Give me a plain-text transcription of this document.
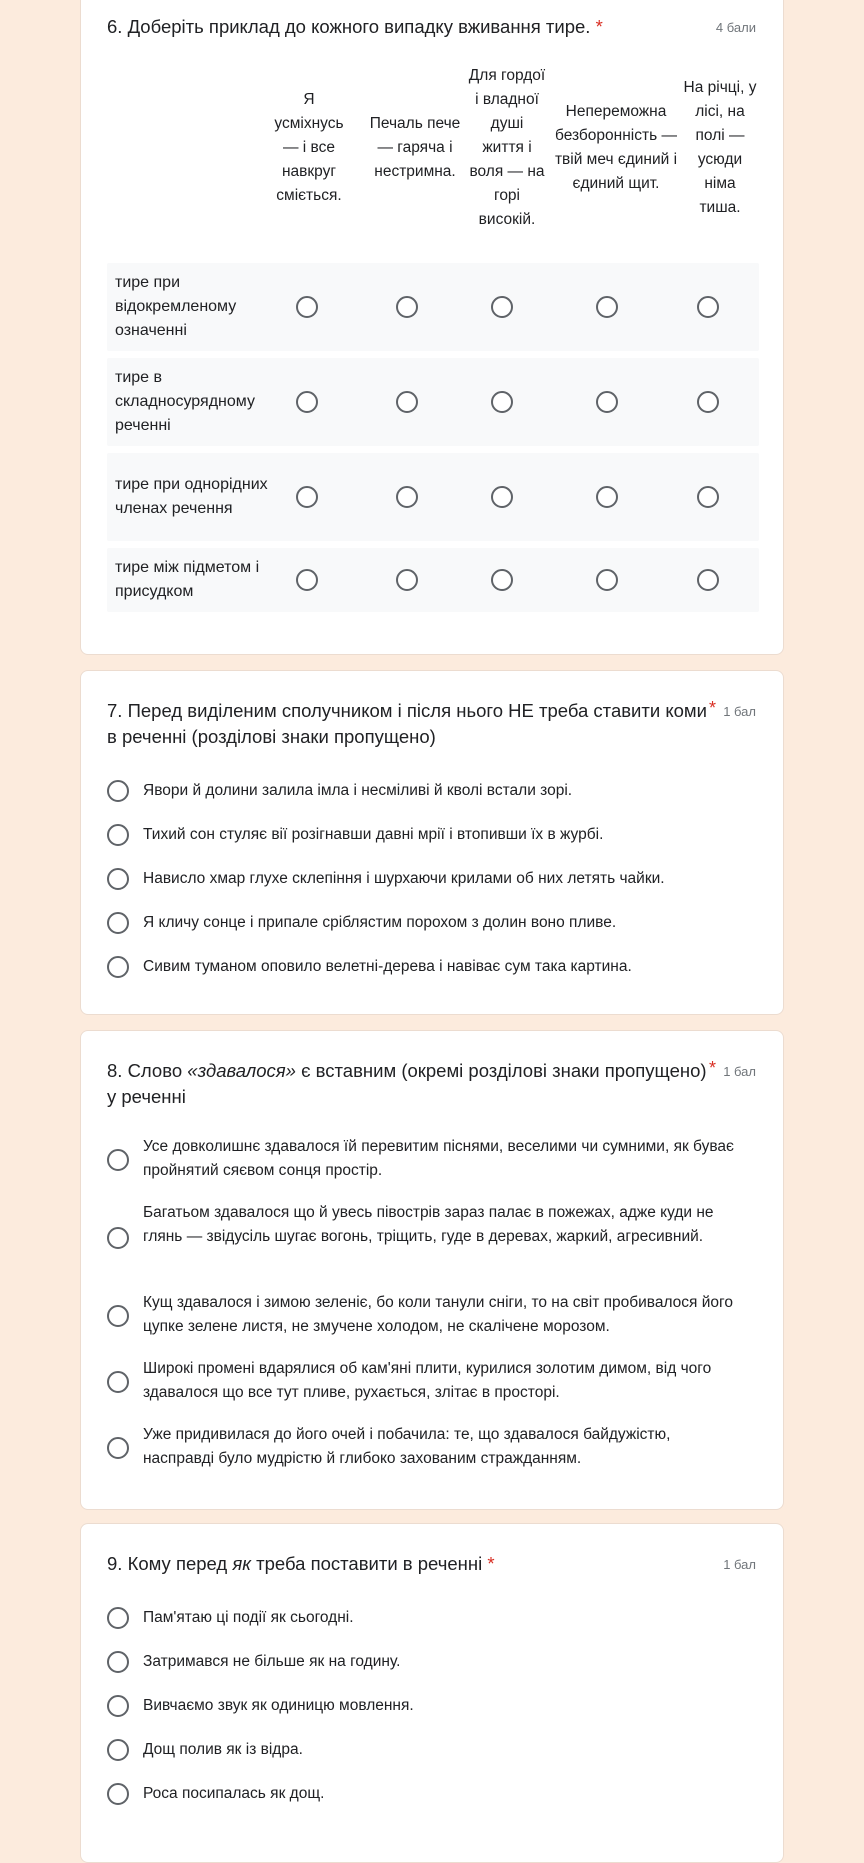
6. Доберіть приклад до кожного випадку вживання тире. *	4 бали
Я усміхнусь — і все навкруг сміється.
Печаль пече — гаряча і нестримна.
Для гордої і владної душі життя і воля — на горі високій.
Непереможна безборонність — твій меч єдиний і єдиний щит.
На річці, у лісі, на полі — усюди німа тиша.
тире при відокремленому означенні
тире в складносурядному реченні
тире при однорідних членах речення
тире між підметом і присудком
7. Перед виділеним сполучником і після нього НЕ треба ставити коми в реченні (розділові знаки пропущено)
* 1 бал
Явори й долини залила імла і несміливі й кволі встали зорі.
Тихий сон стуляє вії розігнавши давні мрії і втопивши їх в журбі.
Нависло хмар глухе склепіння і шурхаючи крилами об них летять чайки.
Я кличу сонце і припале сріблястим порохом з долин воно пливе.
Сивим туманом оповило велетні-дерева і навіває сум така картина.
8. Слово «здавалося» є вставним (окремі розділові знаки пропущено) у реченні
* 1 бал
Усе довколишнє здавалося їй перевитим піснями, веселими чи сумними, як буває пройнятий сяєвом сонця простір.
Багатьом здавалося що й увесь півострів зараз палає в пожежах, адже куди не глянь — звідусіль шугає вогонь, тріщить, гуде в деревах, жаркий, агресивний.
Кущ здавалося і зимою зеленіє, бо коли танули сніги, то на світ пробивалося його цупке зелене листя, не змучене холодом, не скалічене морозом.
Широкі промені вдарялися об кам'яні плити, курилися золотим димом, від чого здавалося що все тут пливе, рухається, злітає в просторі.
Уже придивилася до його очей і побачила: те, що здавалося байдужістю, насправді було мудрістю й глибоко захованим стражданням.
9. Кому перед як треба поставити в реченні *	1 бал
Пам'ятаю ці події як сьогодні.
Затримався не більше як на годину.
Вивчаємо звук як одиницю мовлення.
Дощ полив як із відра.
Роса посипалась як дощ.
